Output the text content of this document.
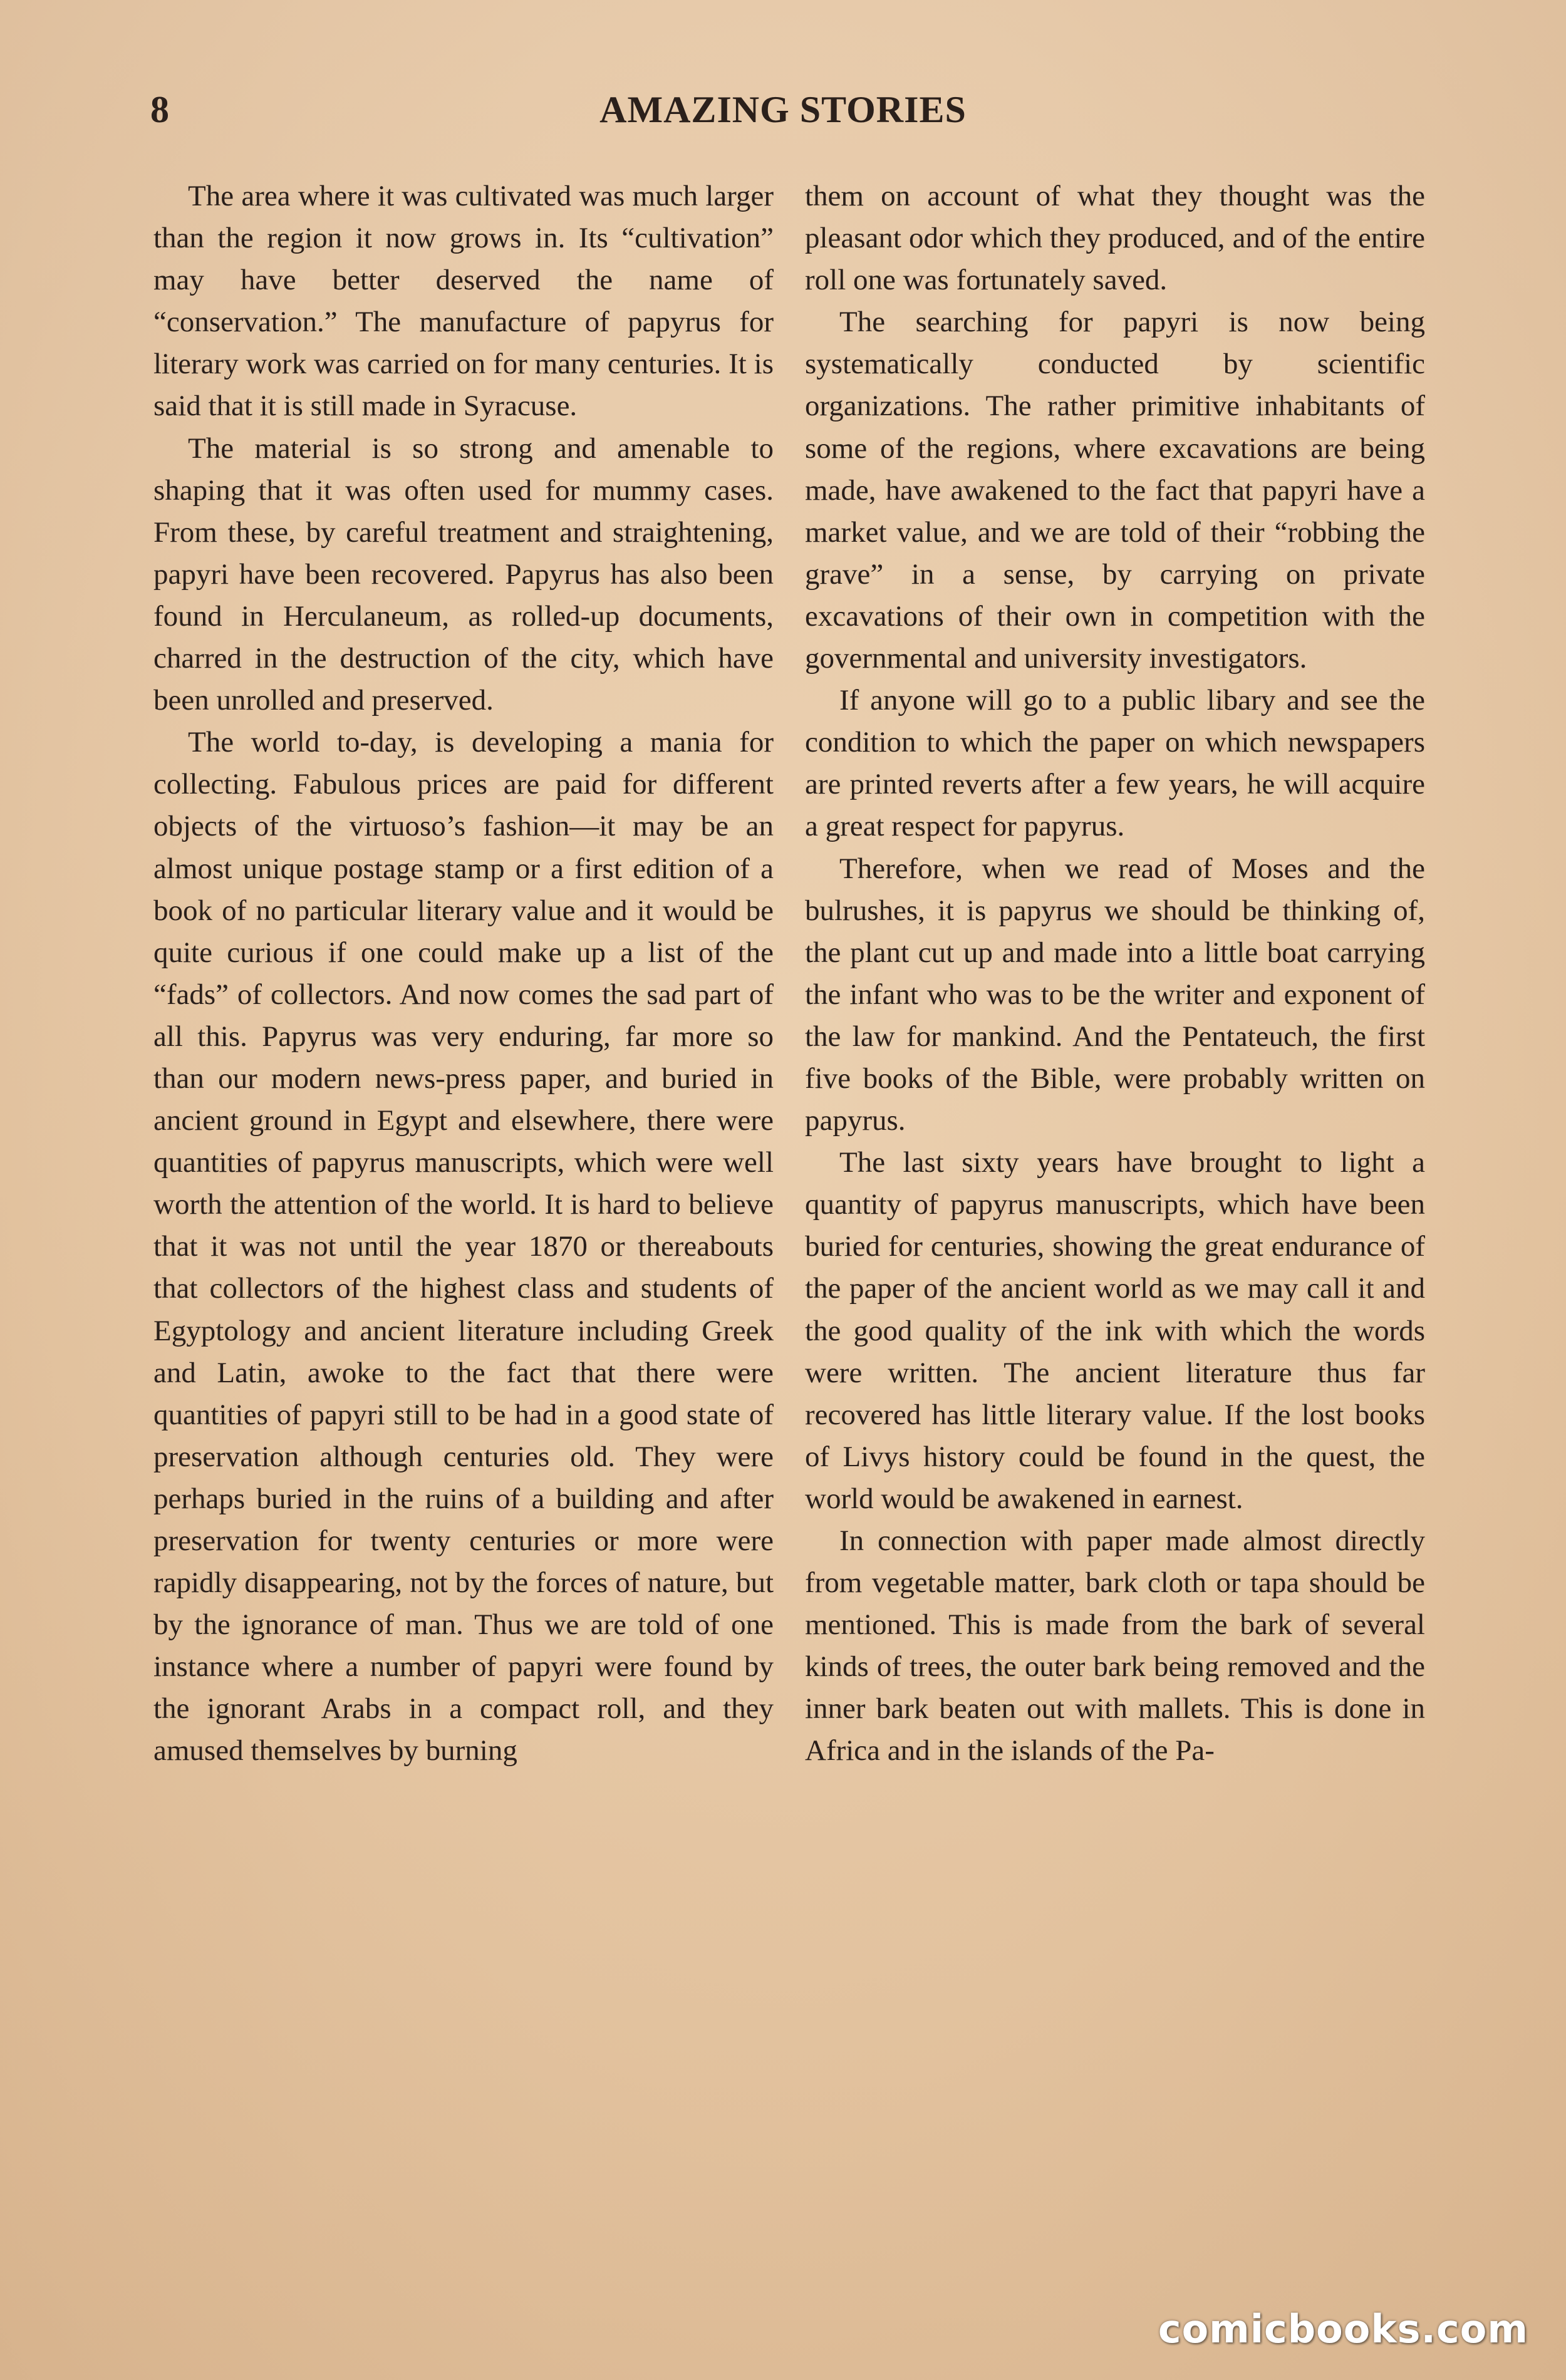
8	AMAZING STORIES

The area where it was cultivated was much larger than the region it now grows in. Its “cultivation” may have better deserved the name of “conservation.” The manufacture of papyrus for literary work was carried on for many centuries. It is said that it is still made in Syracuse.

The material is so strong and amenable to shaping that it was often used for mummy cases. From these, by careful treatment and straightening, papyri have been recovered. Papyrus has also been found in Herculaneum, as rolled-up documents, charred in the destruction of the city, which have been unrolled and preserved.

The world to-day, is developing a mania for collecting. Fabulous prices are paid for different objects of the virtuoso’s fashion—it may be an almost unique postage stamp or a first edition of a book of no particular literary value and it would be quite curious if one could make up a list of the “fads” of collectors. And now comes the sad part of all this. Papyrus was very enduring, far more so than our modern news-press paper, and buried in ancient ground in Egypt and elsewhere, there were quantities of papyrus manuscripts, which were well worth the attention of the world. It is hard to believe that it was not until the year 1870 or thereabouts that collectors of the highest class and students of Egyptology and ancient literature including Greek and Latin, awoke to the fact that there were quantities of papyri still to be had in a good state of preservation although centuries old. They were perhaps buried in the ruins of a building and after preservation for twenty centuries or more were rapidly disappearing, not by the forces of nature, but by the ignorance of man. Thus we are told of one instance where a number of papyri were found by the ignorant Arabs in a compact roll, and they amused themselves by burning

them on account of what they thought was the pleasant odor which they produced, and of the entire roll one was fortunately saved.

The searching for papyri is now being systematically conducted by scientific organizations. The rather primitive inhabitants of some of the regions, where excavations are being made, have awakened to the fact that papyri have a market value, and we are told of their “robbing the grave” in a sense, by carrying on private excavations of their own in competition with the governmental and university investigators.

If anyone will go to a public libary and see the condition to which the paper on which newspapers are printed reverts after a few years, he will acquire a great respect for papyrus.

Therefore, when we read of Moses and the bulrushes, it is papyrus we should be thinking of, the plant cut up and made into a little boat carrying the infant who was to be the writer and exponent of the law for mankind. And the Pentateuch, the first five books of the Bible, were probably written on papyrus.

The last sixty years have brought to light a quantity of papyrus manuscripts, which have been buried for centuries, showing the great endurance of the paper of the ancient world as we may call it and the good quality of the ink with which the words were written. The ancient literature thus far recovered has little literary value. If the lost books of Livys history could be found in the quest, the world would be awakened in earnest.

In connection with paper made almost directly from vegetable matter, bark cloth or tapa should be mentioned. This is made from the bark of several kinds of trees, the outer bark being removed and the inner bark beaten out with mallets. This is done in Africa and in the islands of the Pa-

comicbooks.com
